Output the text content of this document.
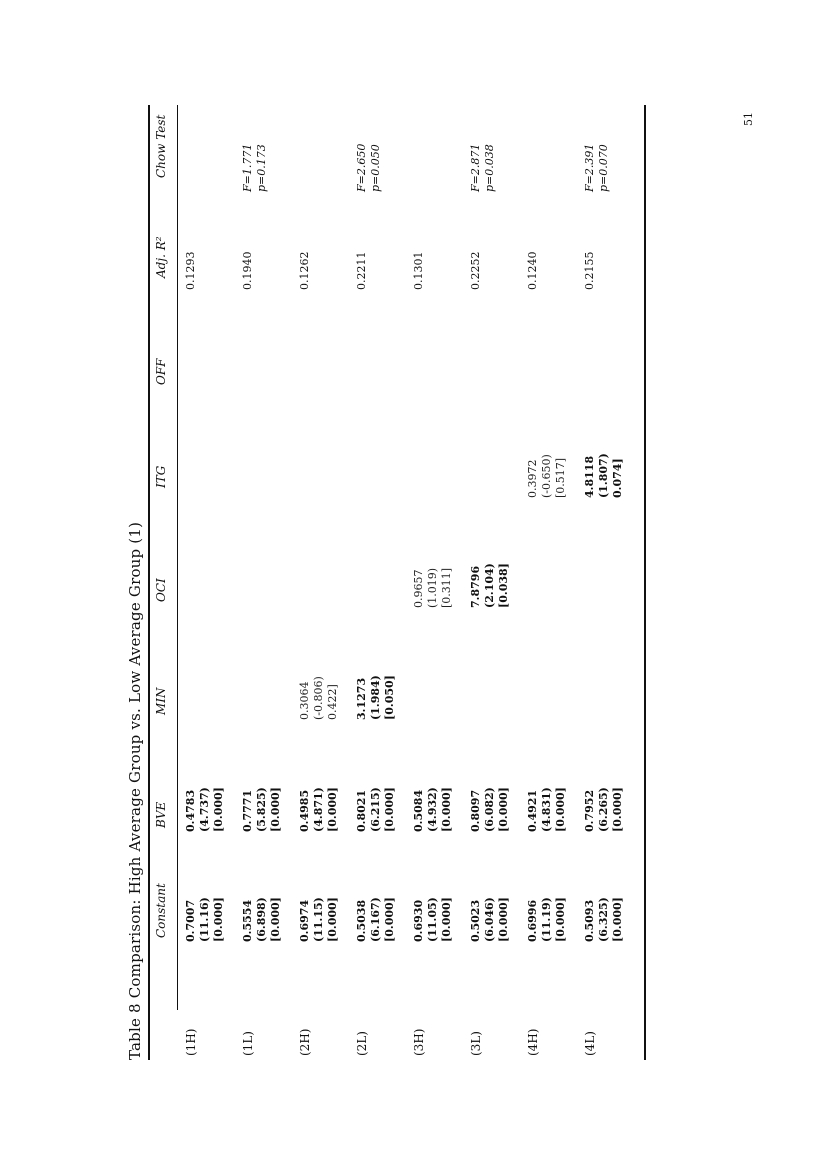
Table 8 Comparison: High Average Group vs. Low Average Group (1) Constant
BVE
MIN
OCI
ITG
OFF
Adj. R²
Chow Test
(1H)
0.7007 (11.16) [0.000]
0.4783 (4.737) [0.000]
0.1293
(1L)
0.5554 (6.898) [0.000]
0.7771 (5.825) [0.000]
0.1940
F=1.771 p=0.173
(2H)
0.6974 (11.15) [0.000]
0.4985 (4.871) [0.000]
0.3064 (-0.806) 0.422]
0.1262
(2L)
0.5038 (6.167) [0.000]
0.8021 (6.215) [0.000]
3.1273 (1.984) [0.050]
0.2211
F=2.650 p=0.050
(3H)
0.6930 (11.05) [0.000]
0.5084 (4.932) [0.000]
0.9657 (1.019) [0.311]
0.1301
(3L)
0.5023 (6.046) [0.000]
0.8097 (6.082) [0.000]
7.8796 (2.104) [0.038]
0.2252
F=2.871 p=0.038
(4H)
0.6996 (11.19) [0.000]
0.4921 (4.831) [0.000]
0.3972 (-0.650) [0.517]
0.1240
(4L)
0.5093 (6.325) [0.000]
0.7952 (6.265) [0.000]
4.8118 (1.807) 0.074]
0.2155
F=2.391 p=0.070
51
